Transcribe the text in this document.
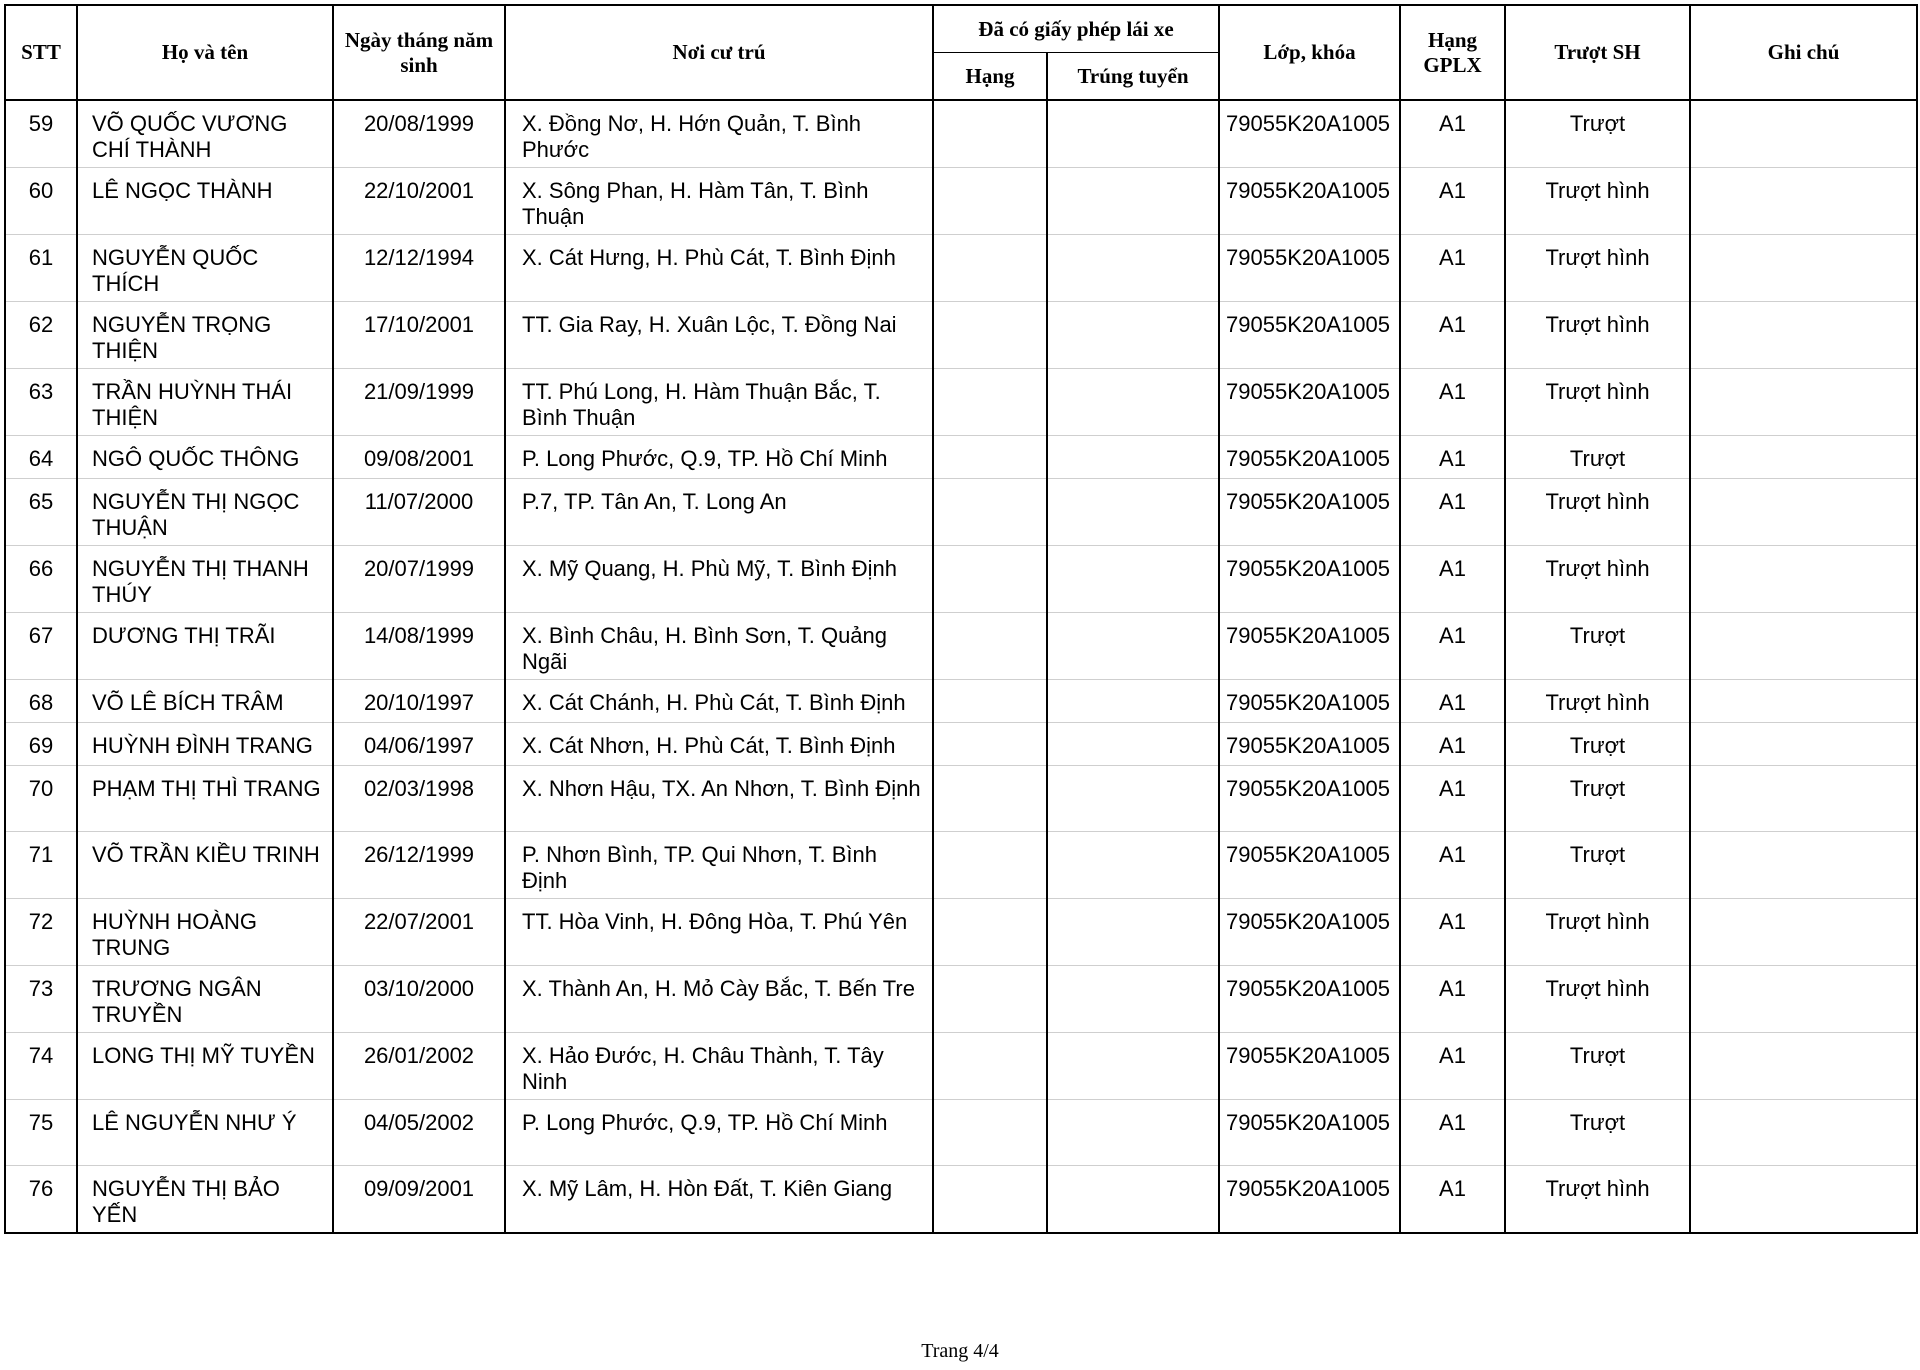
STT	Họ và tên	Ngày tháng năm sinh	Nơi cư trú	Đã có giấy phép lái xe		Lớp, khóa	Hạng GPLX	Trượt SH	Ghi chú
				Hạng	Trúng tuyển				
59	VÕ QUỐC VƯƠNG CHÍ THÀNH	20/08/1999	X. Đồng Nơ, H. Hớn Quản, T. Bình Phước			79055K20A1005	A1	Trượt	
60	LÊ NGỌC THÀNH	22/10/2001	X. Sông Phan, H. Hàm Tân, T. Bình Thuận			79055K20A1005	A1	Trượt hình	
61	NGUYỄN QUỐC THÍCH	12/12/1994	X. Cát Hưng, H. Phù Cát, T. Bình Định			79055K20A1005	A1	Trượt hình	
62	NGUYỄN TRỌNG THIỆN	17/10/2001	TT. Gia Ray, H. Xuân Lộc, T. Đồng Nai			79055K20A1005	A1	Trượt hình	
63	TRẦN HUỲNH THÁI THIỆN	21/09/1999	TT. Phú Long, H. Hàm Thuận Bắc, T. Bình Thuận			79055K20A1005	A1	Trượt hình	
64	NGÔ QUỐC THÔNG	09/08/2001	P. Long Phước, Q.9, TP. Hồ Chí Minh			79055K20A1005	A1	Trượt	
65	NGUYỄN THỊ NGỌC THUẬN	11/07/2000	P.7, TP. Tân An, T. Long An			79055K20A1005	A1	Trượt hình	
66	NGUYỄN THỊ THANH THÚY	20/07/1999	X. Mỹ Quang, H. Phù Mỹ, T. Bình Định			79055K20A1005	A1	Trượt hình	
67	DƯƠNG THỊ TRÃI	14/08/1999	X. Bình Châu, H. Bình Sơn, T. Quảng Ngãi			79055K20A1005	A1	Trượt	
68	VÕ LÊ BÍCH TRÂM	20/10/1997	X. Cát Chánh, H. Phù Cát, T. Bình Định			79055K20A1005	A1	Trượt hình	
69	HUỲNH ĐÌNH TRANG	04/06/1997	X. Cát Nhơn, H. Phù Cát, T. Bình Định			79055K20A1005	A1	Trượt	
70	PHẠM THỊ THÌ TRANG	02/03/1998	X. Nhơn Hậu, TX. An Nhơn, T. Bình Định			79055K20A1005	A1	Trượt	
71	VÕ TRẦN KIỀU TRINH	26/12/1999	P. Nhơn Bình, TP. Qui Nhơn, T. Bình Định			79055K20A1005	A1	Trượt	
72	HUỲNH HOÀNG TRUNG	22/07/2001	TT. Hòa Vinh, H. Đông Hòa, T. Phú Yên			79055K20A1005	A1	Trượt hình	
73	TRƯƠNG NGÂN TRUYỀN	03/10/2000	X. Thành An, H. Mỏ Cày Bắc, T. Bến Tre			79055K20A1005	A1	Trượt hình	
74	LONG THỊ MỸ TUYỀN	26/01/2002	X. Hảo Đước, H. Châu Thành, T. Tây Ninh			79055K20A1005	A1	Trượt	
75	LÊ NGUYỄN NHƯ Ý	04/05/2002	P. Long Phước, Q.9, TP. Hồ Chí Minh			79055K20A1005	A1	Trượt	
76	NGUYỄN THỊ BẢO YẾN	09/09/2001	X. Mỹ Lâm, H. Hòn Đất, T. Kiên Giang			79055K20A1005	A1	Trượt hình	
Trang 4/4
